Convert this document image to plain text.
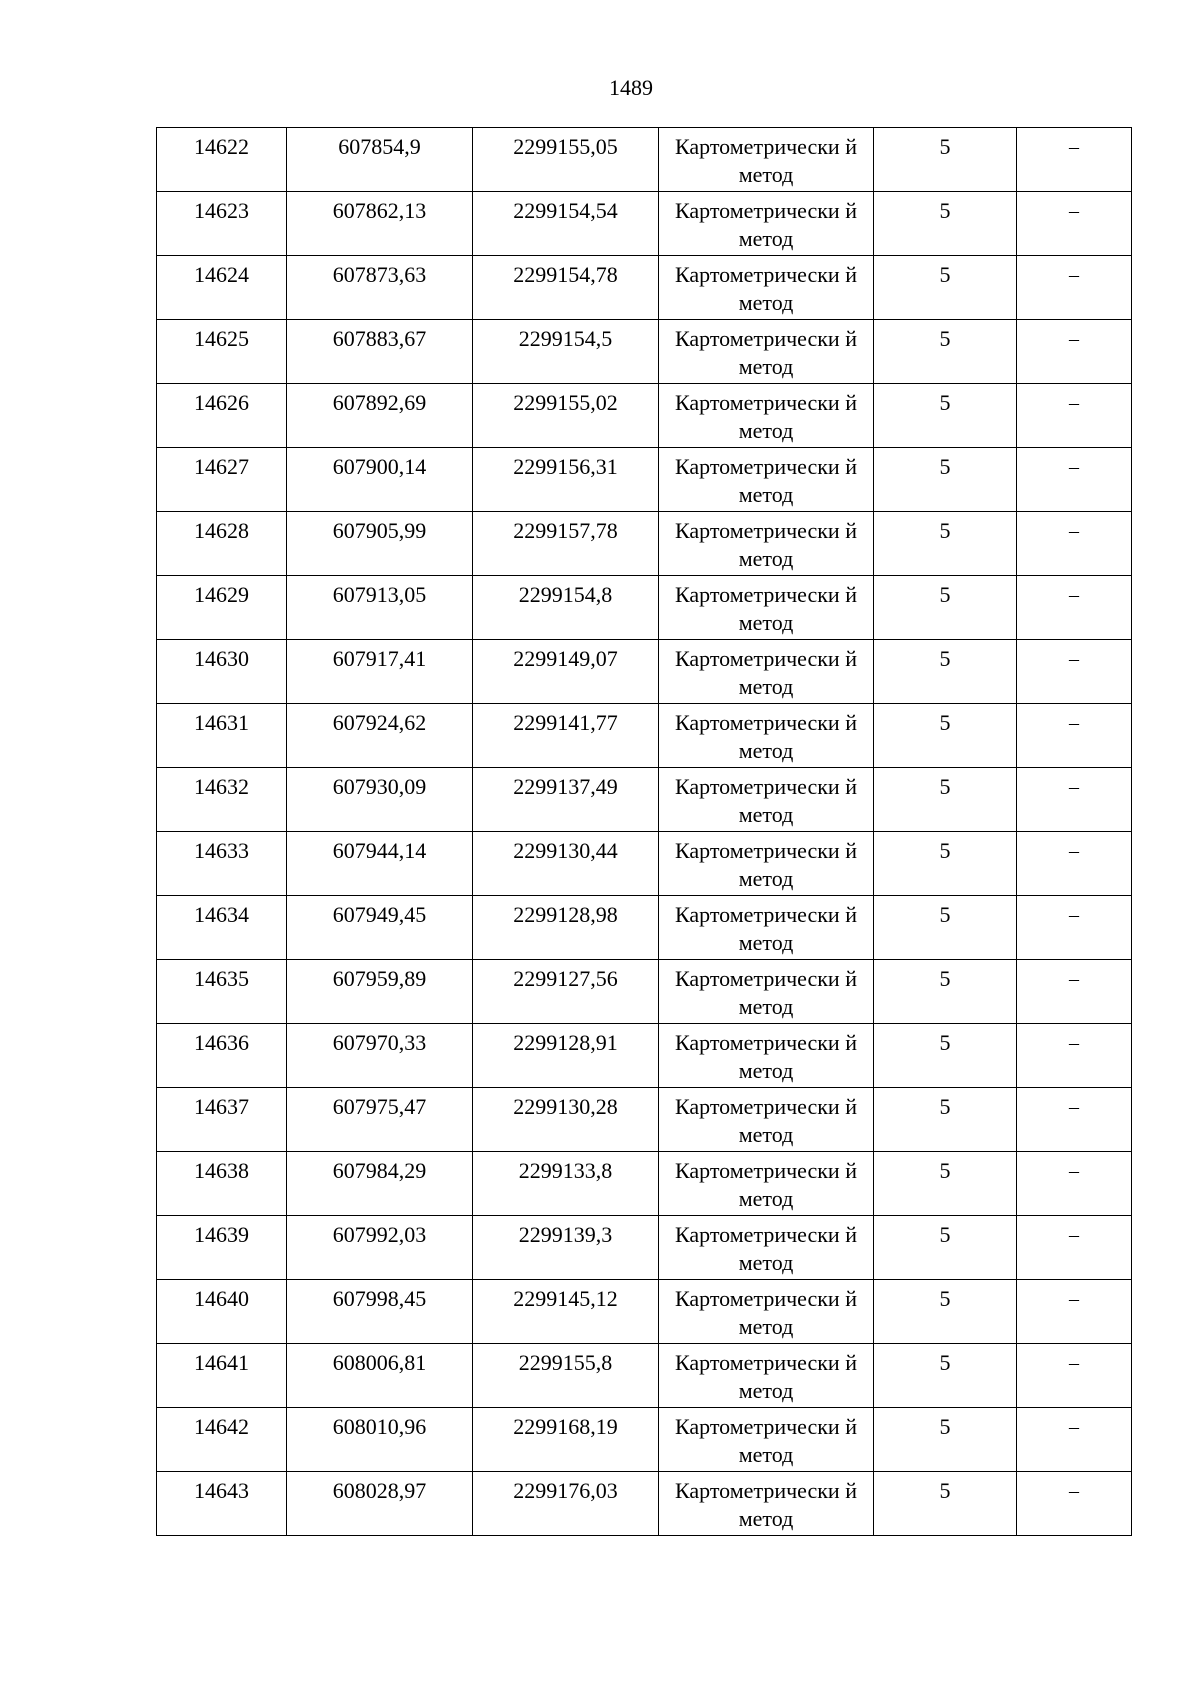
1489
14622	607854,9	2299155,05	Картометрически й метод	5	–
14623	607862,13	2299154,54	Картометрически й метод	5	–
14624	607873,63	2299154,78	Картометрически й метод	5	–
14625	607883,67	2299154,5	Картометрически й метод	5	–
14626	607892,69	2299155,02	Картометрически й метод	5	–
14627	607900,14	2299156,31	Картометрически й метод	5	–
14628	607905,99	2299157,78	Картометрически й метод	5	–
14629	607913,05	2299154,8	Картометрически й метод	5	–
14630	607917,41	2299149,07	Картометрически й метод	5	–
14631	607924,62	2299141,77	Картометрически й метод	5	–
14632	607930,09	2299137,49	Картометрически й метод	5	–
14633	607944,14	2299130,44	Картометрически й метод	5	–
14634	607949,45	2299128,98	Картометрически й метод	5	–
14635	607959,89	2299127,56	Картометрически й метод	5	–
14636	607970,33	2299128,91	Картометрически й метод	5	–
14637	607975,47	2299130,28	Картометрически й метод	5	–
14638	607984,29	2299133,8	Картометрически й метод	5	–
14639	607992,03	2299139,3	Картометрически й метод	5	–
14640	607998,45	2299145,12	Картометрически й метод	5	–
14641	608006,81	2299155,8	Картометрически й метод	5	–
14642	608010,96	2299168,19	Картометрически й метод	5	–
14643	608028,97	2299176,03	Картометрически й метод	5	–
